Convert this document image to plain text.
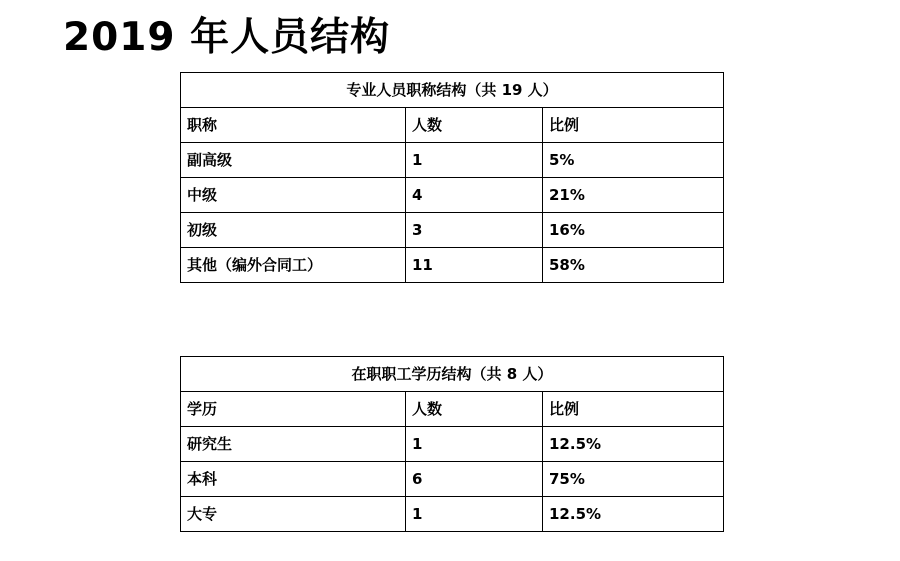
2019 年人员结构
专业人员职称结构（共 19 人）		
职称	人数	比例
副高级	1	5%
中级	4	21%
初级	3	16%
其他（编外合同工）	11	58%
在职职工学历结构（共 8 人）		
学历	人数	比例
研究生	1	12.5%
本科	6	75%
大专	1	12.5%
